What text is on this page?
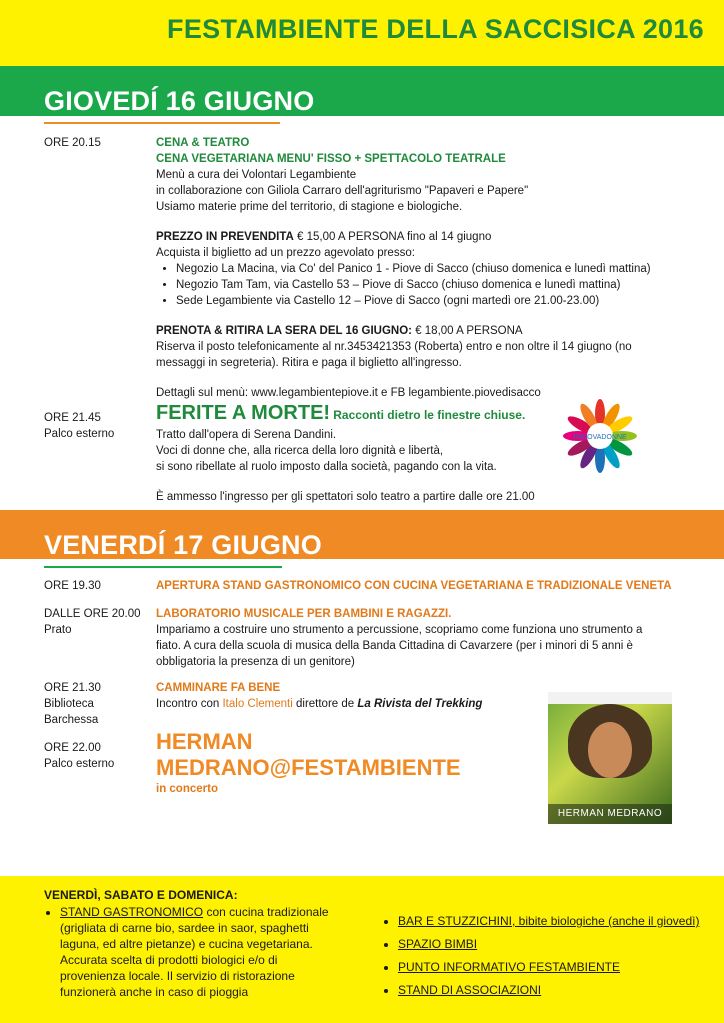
FESTAMBIENTE DELLA SACCISICA 2016
GIOVEDÍ 16 GIUGNO
ORE 20.15	CENA & TEATRO
CENA VEGETARIANA MENU' FISSO + SPETTACOLO TEATRALE
Menù a cura dei Volontari Legambiente
in collaborazione con Giliola Carraro dell'agriturismo "Papaveri e Papere"
Usiamo materie prime del territorio, di stagione e biologiche.
PREZZO IN PREVENDITA € 15,00 A PERSONA fino al 14 giugno
Acquista il biglietto ad un prezzo agevolato presso:
• Negozio La Macina, via Co' del Panico 1 - Piove di Sacco (chiuso domenica e lunedì mattina)
• Negozio Tam Tam, via Castello 53 – Piove di Sacco (chiuso domenica e lunedì mattina)
• Sede Legambiente via Castello 12 – Piove di Sacco (ogni martedì ore 21.00-23.00)
PRENOTA & RITIRA LA SERA DEL 16 GIUGNO: € 18,00 A PERSONA
Riserva il posto telefonicamente al nr.3453421353 (Roberta) entro e non oltre il 14 giugno (no messaggi in segreteria). Ritira e paga il biglietto all'ingresso.
Dettagli sul menù: www.legambientepiove.it e FB legambiente.piovedisacco
ORE 21.45
Palco esterno
FERITE A MORTE! Racconti dietro le finestre chiuse.
Tratto dall'opera di Serena Dandini.
Voci di donne che, alla ricerca della loro dignità e libertà,
si sono ribellate al ruolo imposto dalla società, pagando con la vita.
È ammesso l'ingresso per gli spettatori solo teatro a partire dalle ore 21.00
PADOVADONNE
VENERDÍ 17 GIUGNO
ORE 19.30	APERTURA STAND GASTRONOMICO CON CUCINA VEGETARIANA E TRADIZIONALE VENETA
DALLE ORE 20.00
Prato
LABORATORIO MUSICALE PER BAMBINI E RAGAZZI.
Impariamo a costruire uno strumento a percussione, scopriamo come funziona uno strumento a fiato. A cura della scuola di musica della Banda Cittadina di Cavarzere (per i minori di 5 anni è obbligatoria la presenza di un genitore)
ORE 21.30
Biblioteca
Barchessa
CAMMINARE FA BENE
Incontro con Italo Clementi direttore de La Rivista del Trekking
ORE 22.00
Palco esterno
HERMAN MEDRANO@FESTAMBIENTE
in concerto
HERMAN MEDRANO
VENERDÌ, SABATO E DOMENICA:
• STAND GASTRONOMICO con cucina tradizionale (grigliata di carne bio, sardee in saor, spaghetti laguna, ed altre pietanze) e cucina vegetariana.
Accurata scelta di prodotti biologici e/o di provenienza locale. Il servizio di ristorazione funzionerà anche in caso di pioggia
• BAR E STUZZICHINI, bibite biologiche (anche il giovedì)
• SPAZIO BIMBI
• PUNTO INFORMATIVO FESTAMBIENTE
• STAND DI ASSOCIAZIONI
